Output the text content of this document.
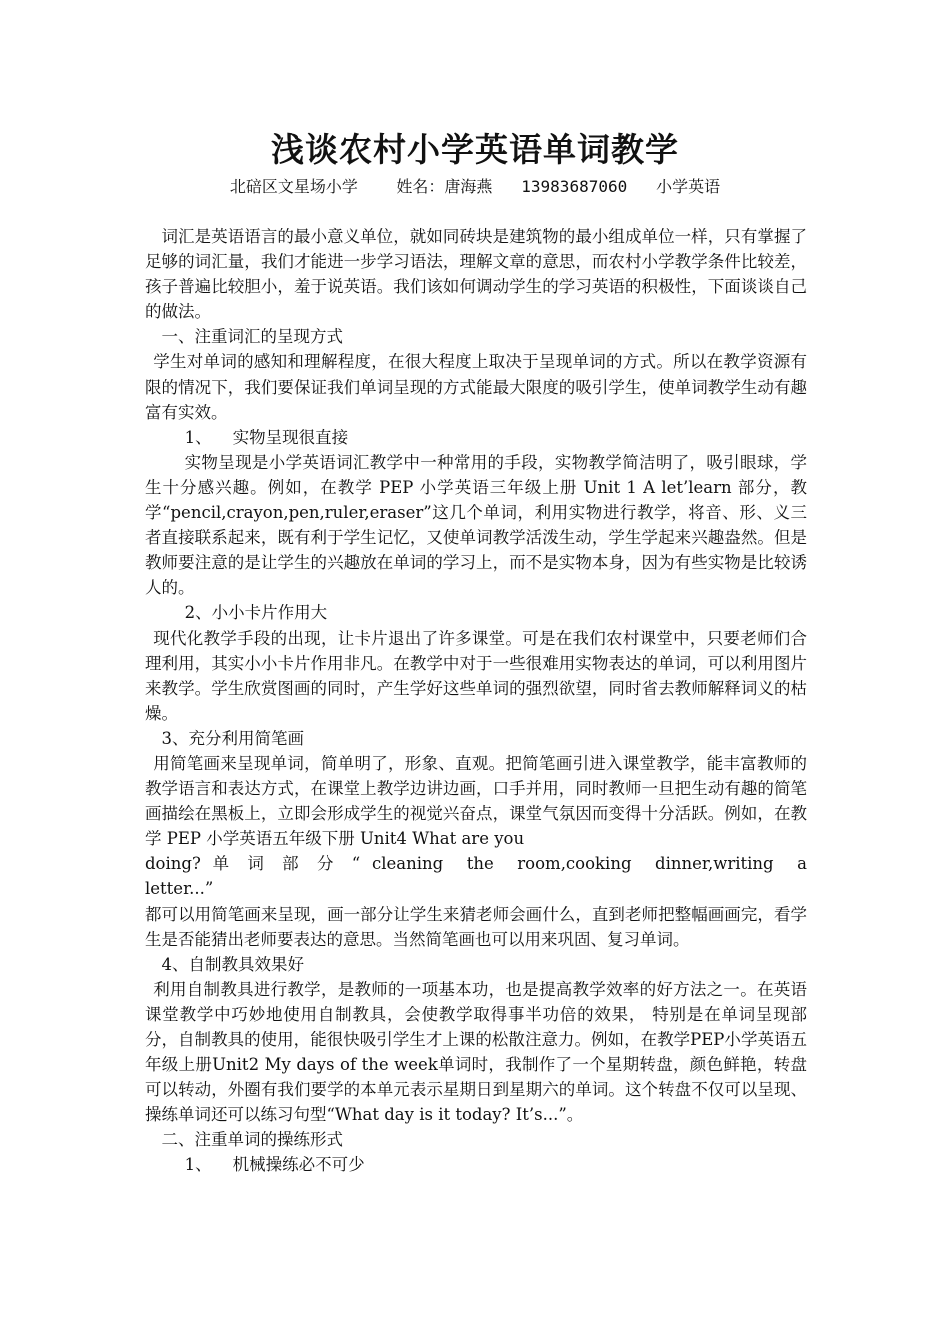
浅谈农村小学英语单词教学
北碚区文星场小学    姓名：唐海燕   13983687060   小学英语

词汇是英语语言的最小意义单位，就如同砖块是建筑物的最小组成单位一样，只有掌握了足够的词汇量，我们才能进一步学习语法，理解文章的意思，而农村小学教学条件比较差，孩子普遍比较胆小，羞于说英语。我们该如何调动学生的学习英语的积极性，下面谈谈自己的做法。

一、注重词汇的呈现方式

学生对单词的感知和理解程度，在很大程度上取决于呈现单词的方式。所以在教学资源有限的情况下，我们要保证我们单词呈现的方式能最大限度的吸引学生，使单词教学生动有趣富有实效。

1、    实物呈现很直接

实物呈现是小学英语词汇教学中一种常用的手段，实物教学简洁明了，吸引眼球，学生十分感兴趣。例如，在教学 PEP 小学英语三年级上册 Unit 1 A let’learn 部分，教学“pencil,crayon,pen,ruler,eraser”这几个单词，利用实物进行教学，将音、形、义三者直接联系起来，既有利于学生记忆，又使单词教学活泼生动，学生学起来兴趣盎然。但是教师要注意的是让学生的兴趣放在单词的学习上，而不是实物本身，因为有些实物是比较诱人的。

2、小小卡片作用大

现代化教学手段的出现，让卡片退出了许多课堂。可是在我们农村课堂中，只要老师们合理利用，其实小小卡片作用非凡。在教学中对于一些很难用实物表达的单词，可以利用图片来教学。学生欣赏图画的同时，产生学好这些单词的强烈欲望，同时省去教师解释词义的枯燥。

3、充分利用简笔画

用简笔画来呈现单词，简单明了，形象、直观。把简笔画引进入课堂教学，能丰富教师的教学语言和表达方式，在课堂上教学边讲边画，口手并用，同时教师一旦把生动有趣的简笔画描绘在黑板上，立即会形成学生的视觉兴奋点，课堂气氛因而变得十分活跃。例如，在教学 PEP 小学英语五年级下册 Unit4 What are you

doing? 单 词 部 分 “ cleaning  the  room,cooking  dinner,writing  a

letter...”

都可以用简笔画来呈现，画一部分让学生来猜老师会画什么，直到老师把整幅画画完，看学生是否能猜出老师要表达的意思。当然简笔画也可以用来巩固、复习单词。

4、自制教具效果好

利用自制教具进行教学，是教师的一项基本功，也是提高教学效率的好方法之一。在英语课堂教学中巧妙地使用自制教具，会使教学取得事半功倍的效果， 特别是在单词呈现部分，自制教具的使用，能很快吸引学生才上课的松散注意力。例如，在教学PEP小学英语五年级上册Unit2 My days of the week单词时，我制作了一个星期转盘，颜色鲜艳，转盘可以转动，外圈有我们要学的本单元表示星期日到星期六的单词。这个转盘不仅可以呈现、操练单词还可以练习句型“What day is it today? It’s...”。

二、注重单词的操练形式

1、    机械操练必不可少
